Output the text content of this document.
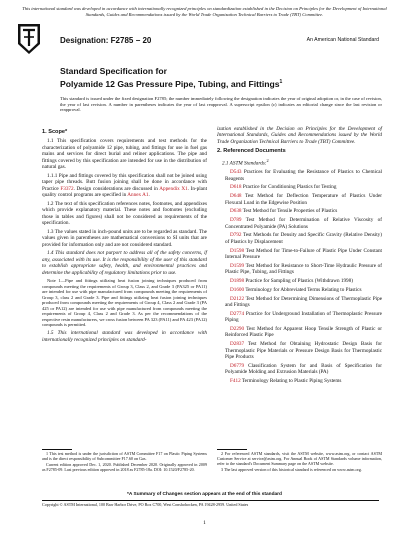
This international standard was developed in accordance with internationally recognized principles on standardization established in the Decision on Principles for the Development of International Standards, Guides and Recommendations issued by the World Trade Organization Technical Barriers to Trade (TBT) Committee.
Designation: F2785 − 20	An American National Standard
Standard Specification for
Polyamide 12 Gas Pressure Pipe, Tubing, and Fittings$^1$
This standard is issued under the fixed designation F2785; the number immediately following the designation indicates the year of original adoption or, in the case of revision, the year of last revision. A number in parentheses indicates the year of last reapproval. A superscript epsilon (ε) indicates an editorial change since the last revision or reapproval.
1. Scope*

1.1 This specification covers requirements and test methods for the characterization of polyamide 12 pipe, tubing, and fittings for use in fuel gas mains and services for direct burial and reliner applications. The pipe and fittings covered by this specification are intended for use in the distribution of natural gas.

1.1.1 Pipe and fittings covered by this specification shall not be joined using taper pipe threads. Butt fusion joining shall be done in accordance with Practice F3372. Design considerations are discussed in Appendix X1. In-plant quality control programs are specified in Annex A1.

1.2 The text of this specification references notes, footnotes, and appendixes which provide explanatory material. These notes and footnotes (excluding those in tables and figures) shall not be considered as requirements of the specification.

1.3 The values stated in inch-pound units are to be regarded as standard. The values given in parentheses are mathematical conversions to SI units that are provided for information only and are not considered standard.

1.4 This standard does not purport to address all of the safety concerns, if any, associated with its use. It is the responsibility of the user of this standard to establish appropriate safety, health, and environmental practices and determine the applicability of regulatory limitations prior to use.

Note 1—Pipe and fittings utilizing heat fusion joining techniques produced from compounds meeting the requirements of Group 3, Class 2, and Grade 3 (PA325 or PA11) are intended for use with pipe manufactured from compounds meeting the requirements of Group 3, class 2 and Grade 3. Pipe and fittings utilizing heat fusion joining techniques produced from compounds meeting the requirements of Group 4, Class 2 and Grade 3 (PA 425 or PA12) are intended for use with pipe manufactured from compounds meeting the requirements of Group 4, Class 2 and Grade 3. As per the recommendations of the respective resin manufacturers, we cross fusion between PA 323 (PA11) and PA 423 (PA12) compounds is permitted.

1.5 This international standard was developed in accordance with internationally recognized principles on standard-

ization established in the Decision on Principles for the Development of International Standards, Guides and Recommendations issued by the World Trade Organization Technical Barriers to Trade (TBT) Committee.

2. Referenced Documents

2.1 ASTM Standards:$^2$

D543 Practices for Evaluating the Resistance of Plastics to Chemical Reagents

D618 Practice for Conditioning Plastics for Testing

D648 Test Method for Deflection Temperature of Plastics Under Flexural Load in the Edgewise Position

D638 Test Method for Tensile Properties of Plastics

D789 Test Method for Determination of Relative Viscosity of Concentrated Polyamide (PA) Solutions

D792 Test Methods for Density and Specific Gravity (Relative Density) of Plastics by Displacement

D1598 Test Method for Time-to-Failure of Plastic Pipe Under Constant Internal Pressure

D1599 Test Method for Resistance to Short-Time Hydraulic Pressure of Plastic Pipe, Tubing, and Fittings

D1898 Practice for Sampling of Plastics (Withdrawn 1998)

D1600 Terminology for Abbreviated Terms Relating to Plastics

D2122 Test Method for Determining Dimensions of Thermoplastic Pipe and Fittings

D2774 Practice for Underground Installation of Thermoplastic Pressure Piping

D2290 Test Method for Apparent Hoop Tensile Strength of Plastic or Reinforced Plastic Pipe

D2837 Test Method for Obtaining Hydrostatic Design Basis for Thermoplastic Pipe Materials or Pressure Design Basis for Thermoplastic Pipe Products

D6779 Classification System for and Basis of Specification for Polyamide Molding and Extrusion Materials (PA)

F412 Terminology Relating to Plastic Piping Systems

1 This test method is under the jurisdiction of ASTM Committee F17 on Plastic Piping Systems and is the direct responsibility of Subcommittee F17.60 on Gas.

Current edition approved Dec. 1, 2020. Published December 2020. Originally approved in 2009 as F2785-09. Last previous edition approved in 2018 as F2785-18a. DOI: 10.1520/F2785-20.

2 For referenced ASTM standards, visit the ASTM website, www.astm.org, or contact ASTM Customer Service at service@astm.org. For Annual Book of ASTM Standards volume information, refer to the standard's Document Summary page on the ASTM website.

3 The last approved version of this historical standard is referenced on www.astm.org.

*A Summary of Changes section appears at the end of this standard
Copyright © ASTM International, 100 Barr Harbor Drive, PO Box C700, West Conshohocken, PA 19428-2959. United States
1
